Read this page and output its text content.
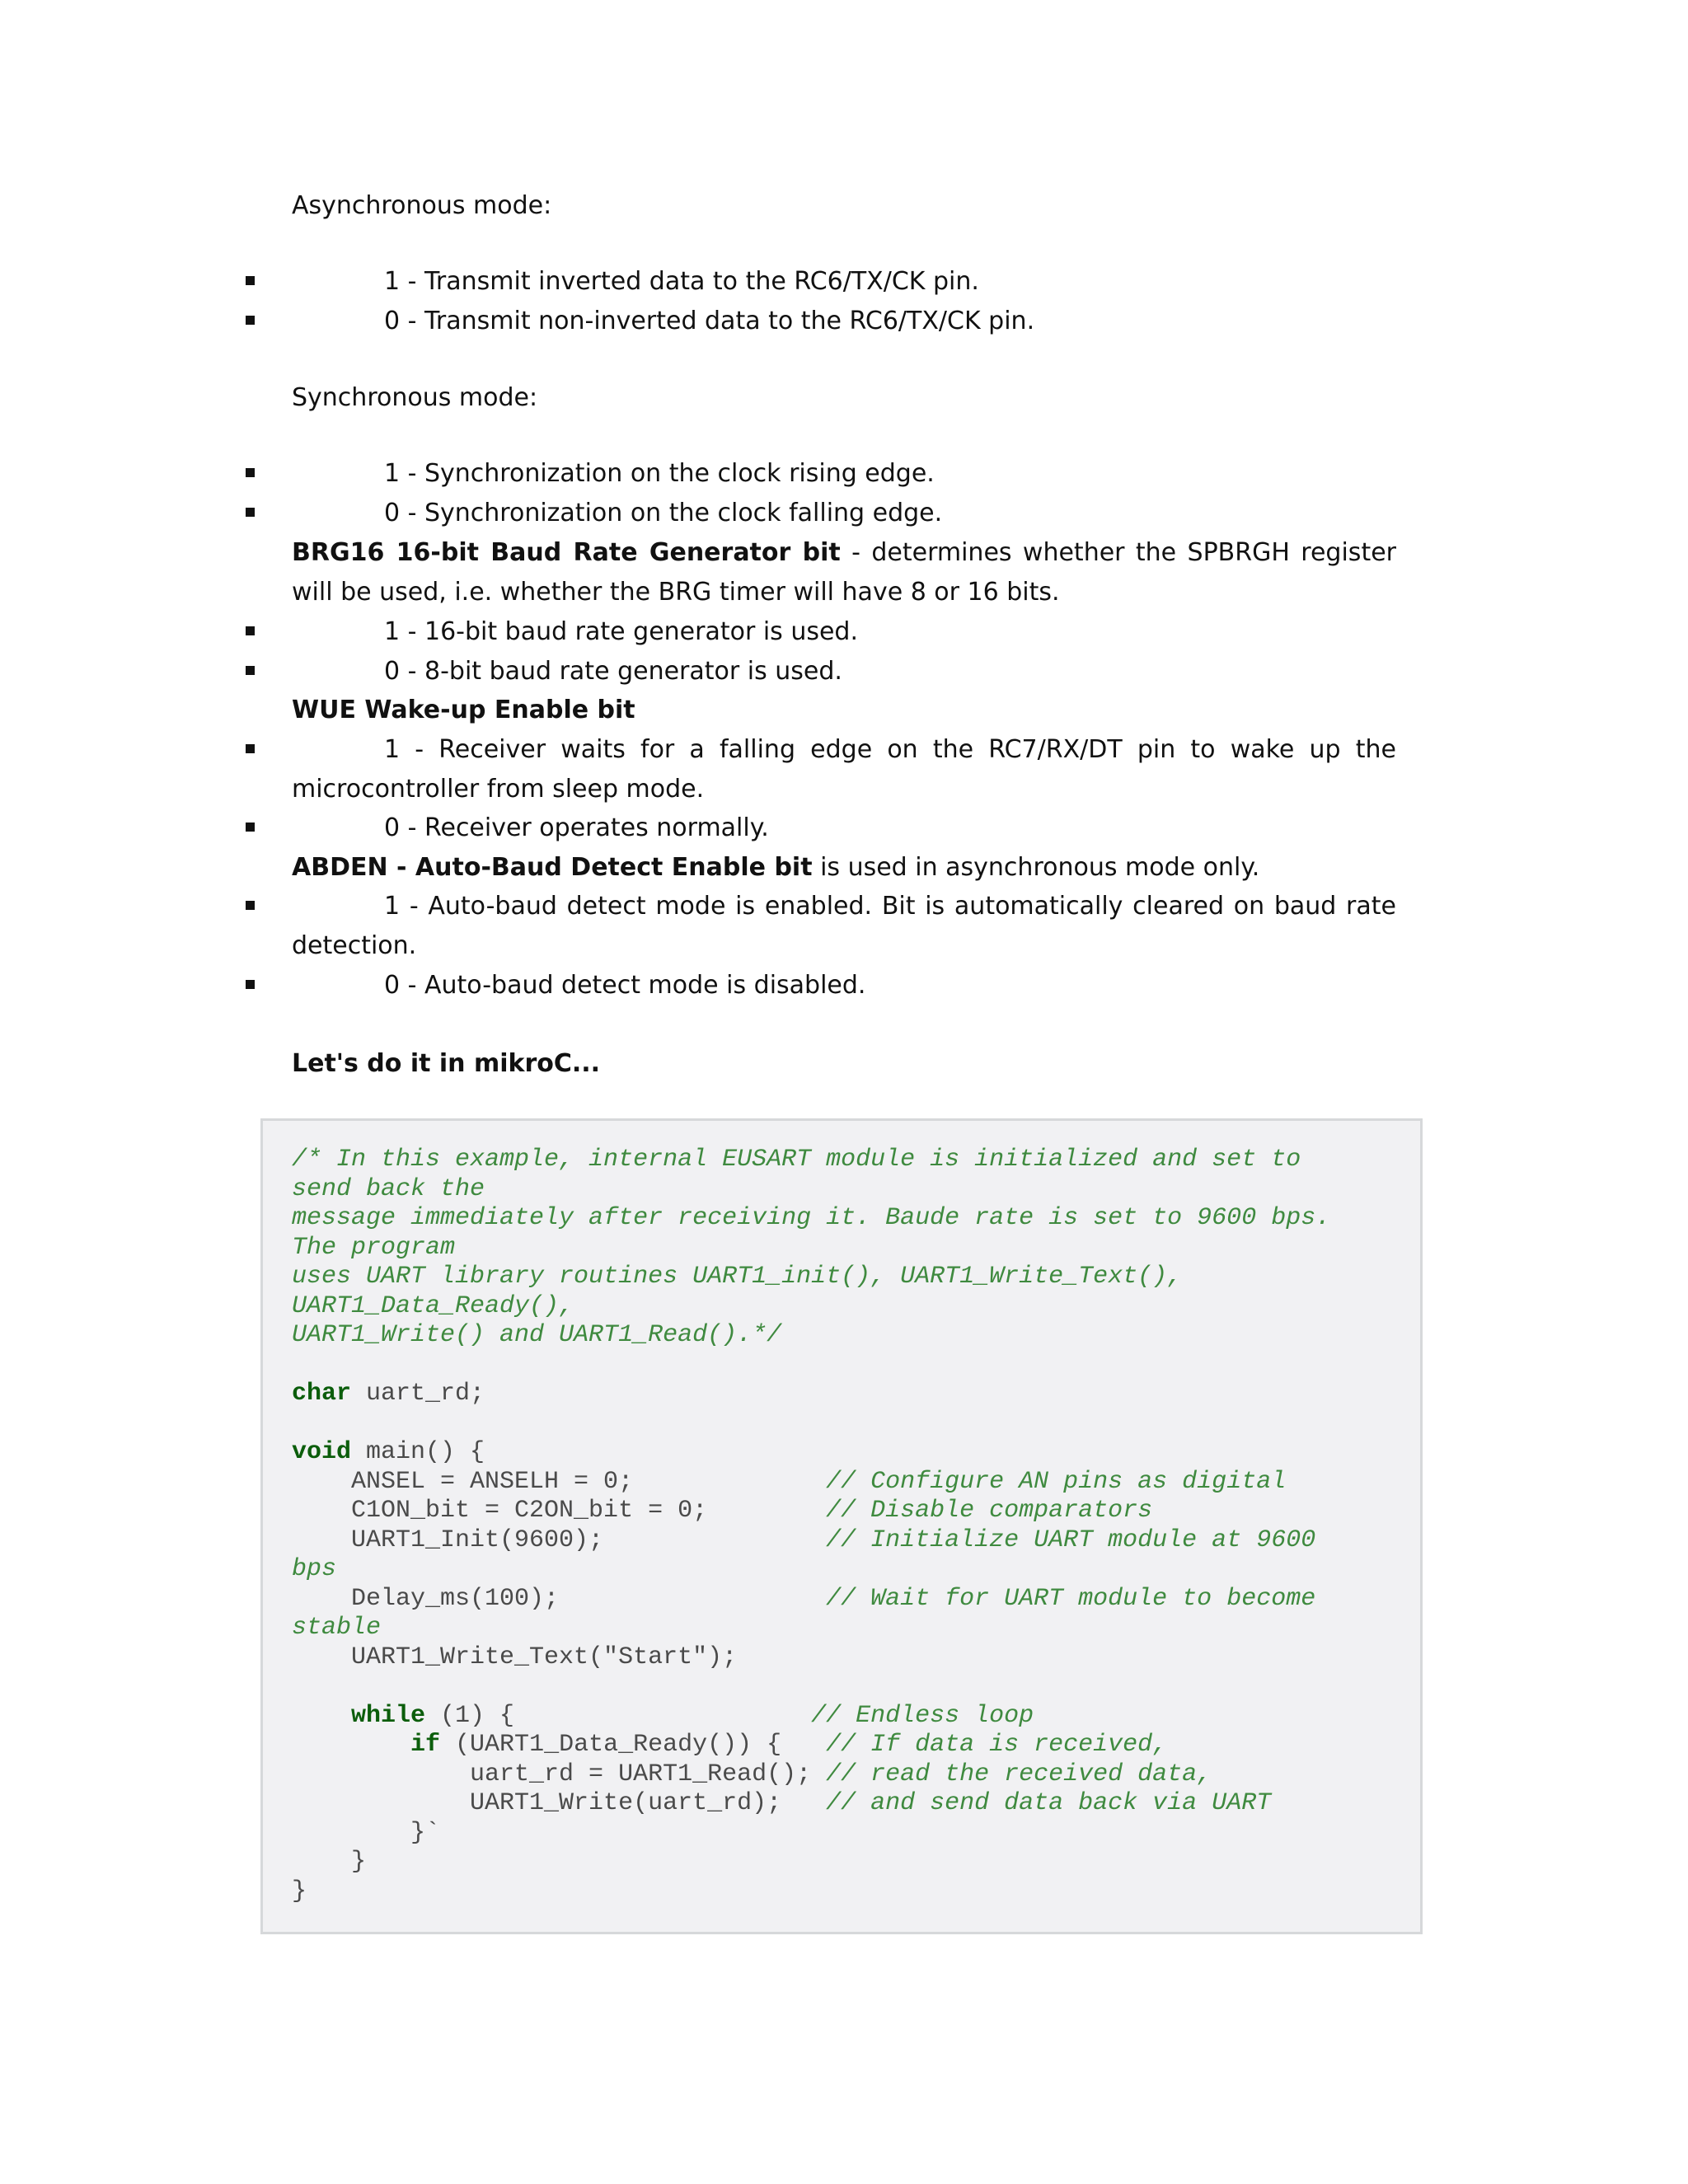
Asynchronous mode:
1 - Transmit inverted data to the RC6/TX/CK pin.
0 - Transmit non-inverted data to the RC6/TX/CK pin.
Synchronous mode:
1 - Synchronization on the clock rising edge.
0 - Synchronization on the clock falling edge.
BRG16 16-bit Baud Rate Generator bit - determines whether the SPBRGH register will be used, i.e. whether the BRG timer will have 8 or 16 bits.
1 - 16-bit baud rate generator is used.
0 - 8-bit baud rate generator is used.
WUE Wake-up Enable bit
1 - Receiver waits for a falling edge on the RC7/RX/DT pin to wake up the microcontroller from sleep mode.
0 - Receiver operates normally.
ABDEN - Auto-Baud Detect Enable bit is used in asynchronous mode only.
1 - Auto-baud detect mode is enabled. Bit is automatically cleared on baud rate detection.
0 - Auto-baud detect mode is disabled.
Let's do it in mikroC...
/* In this example, internal EUSART module is initialized and set to
send back the
message immediately after receiving it. Baude rate is set to 9600 bps.
The program
uses UART library routines UART1_init(), UART1_Write_Text(),
UART1_Data_Ready(),
UART1_Write() and UART1_Read().*/

char uart_rd;

void main() {
ANSEL = ANSELH = 0;             // Configure AN pins as digital
C1ON_bit = C2ON_bit = 0;        // Disable comparators
UART1_Init(9600);               // Initialize UART module at 9600
bps
Delay_ms(100);                  // Wait for UART module to become
stable
UART1_Write_Text("Start");

while (1) {                    // Endless loop
if (UART1_Data_Ready()) {   // If data is received,
uart_rd = UART1_Read(); // read the received data,
UART1_Write(uart_rd);   // and send data back via UART
}`
}
}
